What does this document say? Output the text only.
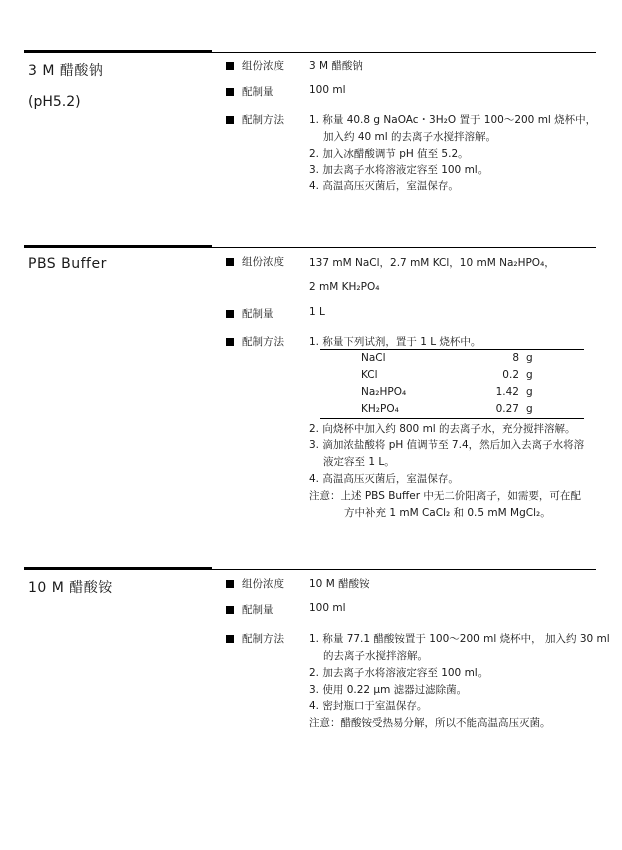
3 M 醋酸钠
(pH5.2)
组份浓度 3 M 醋酸钠
配制量	100 ml
配制方法 1. 称量 40.8 g NaOAc・3H₂O 置于 100～200 ml 烧杯中，
加入约 40 ml 的去离子水搅拌溶解。
2. 加入冰醋酸调节 pH 值至 5.2。
3. 加去离子水将溶液定容至 100 ml。
4. 高温高压灭菌后，室温保存。
PBS Buffer	组份浓度 137 mM NaCl，2.7 mM KCl，10 mM Na₂HPO₄，
2 mM KH₂PO₄
配制量	1 L
配制方法 1. 称量下列试剂，置于 1 L 烧杯中。
NaCl	8 g
KCl	0.2 g
Na₂HPO₄	1.42 g
KH₂PO₄	0.27 g
2. 向烧杯中加入约 800 ml 的去离子水，充分搅拌溶解。
3. 滴加浓盐酸将 pH 值调节至 7.4，然后加入去离子水将溶
液定容至 1 L。
4. 高温高压灭菌后，室温保存。
注意：上述 PBS Buffer 中无二价阳离子，如需要，可在配
方中补充 1 mM CaCl₂ 和 0.5 mM MgCl₂。
10 M 醋酸铵	组份浓度 10 M 醋酸铵
配制量	100 ml
配制方法 1. 称量 77.1 醋酸铵置于 100～200 ml 烧杯中， 加入约 30 ml
的去离子水搅拌溶解。
2. 加去离子水将溶液定容至 100 ml。
3. 使用 0.22 μm 滤器过滤除菌。
4. 密封瓶口于室温保存。
注意：醋酸铵受热易分解，所以不能高温高压灭菌。
